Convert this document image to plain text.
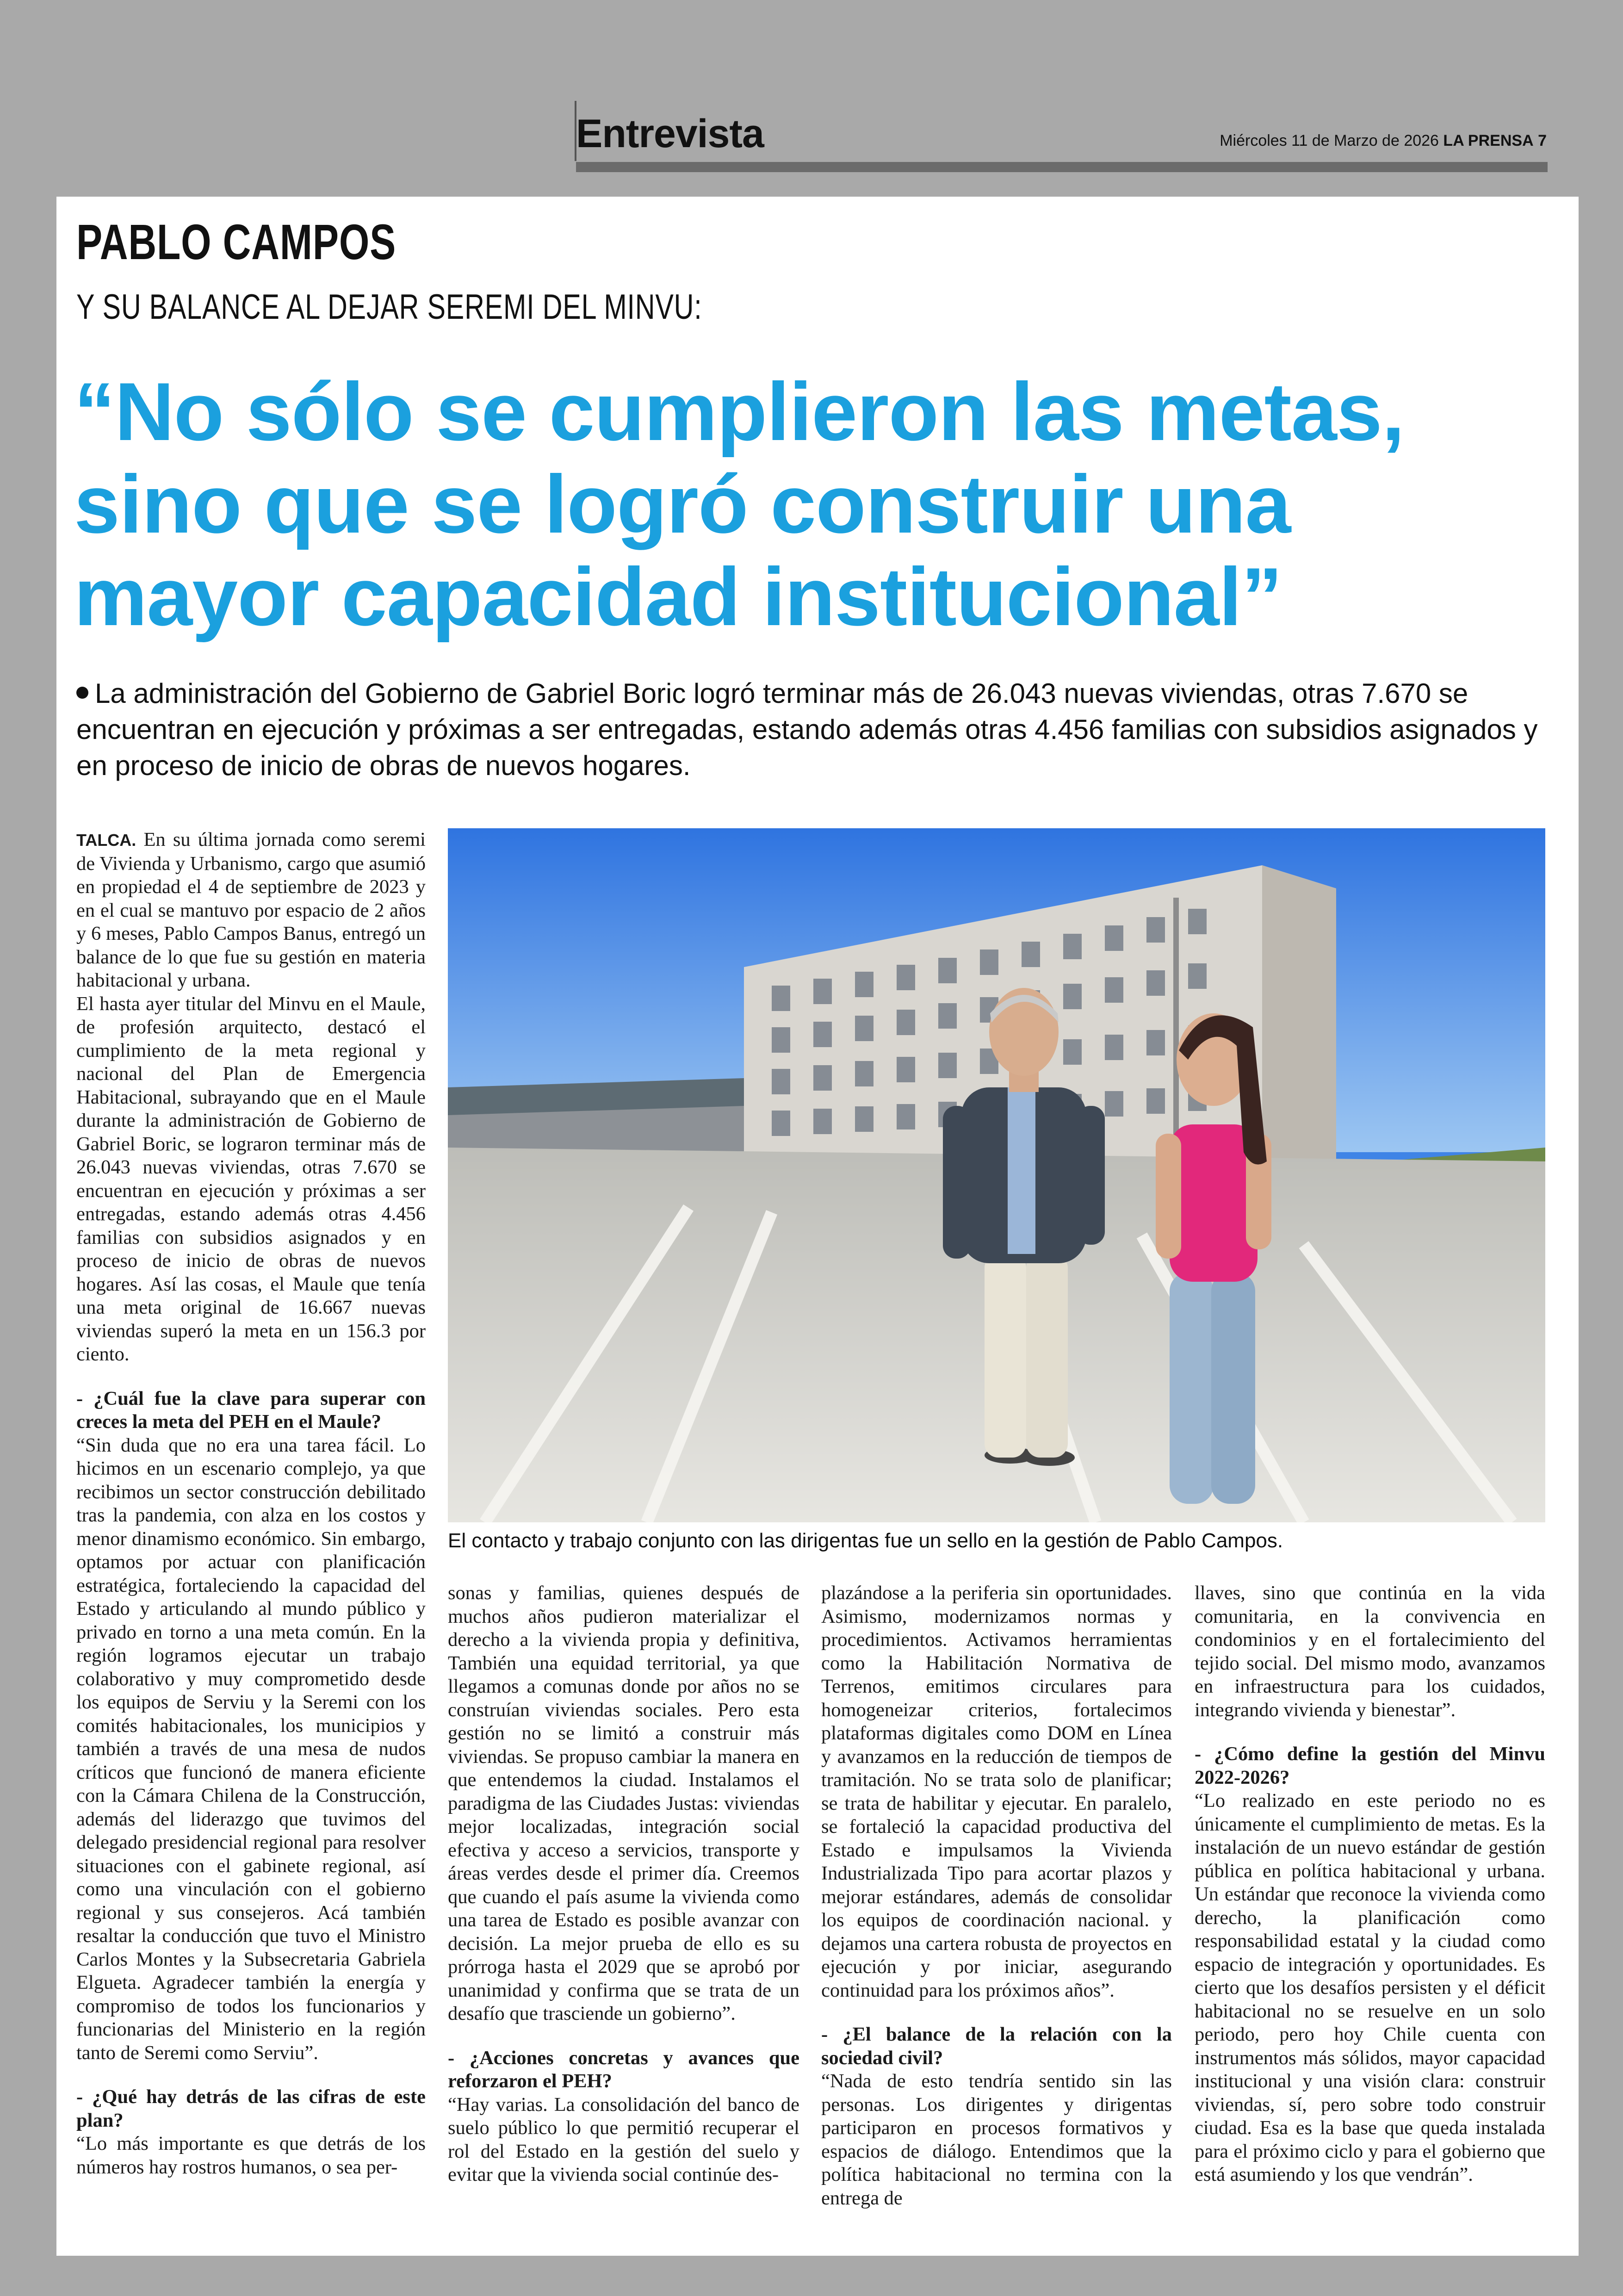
Entrevista	Miércoles 11 de Marzo de 2026 LA PRENSA 7
PABLO CAMPOS
Y SU BALANCE AL DEJAR SEREMI DEL MINVU:
“No sólo se cumplieron las metas,
sino que se logró construir una
mayor capacidad institucional”
La administración del Gobierno de Gabriel Boric logró terminar más de 26.043 nuevas viviendas, otras 7.670 se encuentran en ejecución y próximas a ser entregadas, estando además otras 4.456 familias con subsidios asignados y en proceso de inicio de obras de nuevos hogares.

TALCA. En su última jornada como seremi de Vivienda y Urbanismo, cargo que asumió en propiedad el 4 de septiembre de 2023 y en el cual se mantuvo por espacio de 2 años y 6 meses, Pablo Campos Banus, entregó un balance de lo que fue su gestión en materia habitacional y urbana.

El hasta ayer titular del Minvu en el Maule, de profesión arquitecto, destacó el cumplimiento de la meta regional y nacional del Plan de Emergencia Habitacional, subrayando que en el Maule durante la administración de Gobierno de Gabriel Boric, se lograron terminar más de 26.043 nuevas viviendas, otras 7.670 se encuentran en ejecución y próximas a ser entregadas, estando además otras 4.456 familias con subsidios asignados y en proceso de inicio de obras de nuevos hogares. Así las cosas, el Maule que tenía una meta original de 16.667 nuevas viviendas superó la meta en un 156.3 por ciento.

- ¿Cuál fue la clave para superar con creces la meta del PEH en el Maule?

“Sin duda que no era una tarea fácil. Lo hicimos en un escenario complejo, ya que recibimos un sector construcción debilitado tras la pandemia, con alza en los costos y menor dinamismo económico. Sin embargo, optamos por actuar con planificación estratégica, fortaleciendo la capacidad del Estado y articulando al mundo público y privado en torno a una meta común. En la región logramos ejecutar un trabajo colaborativo y muy comprometido desde los equipos de Serviu y la Seremi con los comités habitacionales, los municipios y también a través de una mesa de nudos críticos que funcionó de manera eficiente con la Cámara Chilena de la Construcción, además del liderazgo que tuvimos del delegado presidencial regional para resolver situaciones con el gabinete regional, así como una vinculación con el gobierno regional y sus consejeros. Acá también resaltar la conducción que tuvo el Ministro Carlos Montes y la Subsecretaria Gabriela Elgueta. Agradecer también la energía y compromiso de todos los funcionarios y funcionarias del Ministerio en la región tanto de Seremi como Serviu”.

- ¿Qué hay detrás de las cifras de este plan?

“Lo más importante es que detrás de los números hay rostros humanos, o sea per-

El contacto y trabajo conjunto con las dirigentas fue un sello en la gestión de Pablo Campos.

sonas y familias, quienes después de muchos años pudieron materializar el derecho a la vivienda propia y definitiva, También una equidad territorial, ya que llegamos a comunas donde por años no se construían viviendas sociales. Pero esta gestión no se limitó a construir más viviendas. Se propuso cambiar la manera en que entendemos la ciudad. Instalamos el paradigma de las Ciudades Justas: viviendas mejor localizadas, integración social efectiva y acceso a servicios, transporte y áreas verdes desde el primer día. Creemos que cuando el país asume la vivienda como una tarea de Estado es posible avanzar con decisión. La mejor prueba de ello es su prórroga hasta el 2029 que se aprobó por unanimidad y confirma que se trata de un desafío que trasciende un gobierno”.

- ¿Acciones concretas y avances que reforzaron el PEH?

“Hay varias. La consolidación del banco de suelo público lo que permitió recuperar el rol del Estado en la gestión del suelo y evitar que la vivienda social continúe des-

plazándose a la periferia sin oportunidades. Asimismo, modernizamos normas y procedimientos. Activamos herramientas como la Habilitación Normativa de Terrenos, emitimos circulares para homogeneizar criterios, fortalecimos plataformas digitales como DOM en Línea y avanzamos en la reducción de tiempos de tramitación. No se trata solo de planificar; se trata de habilitar y ejecutar. En paralelo, se fortaleció la capacidad productiva del Estado e impulsamos la Vivienda Industrializada Tipo para acortar plazos y mejorar estándares, además de consolidar los equipos de coordinación nacional. y dejamos una cartera robusta de proyectos en ejecución y por iniciar, asegurando continuidad para los próximos años”.

- ¿El balance de la relación con la sociedad civil?

“Nada de esto tendría sentido sin las personas. Los dirigentes y dirigentas participaron en procesos formativos y espacios de diálogo. Entendimos que la política habitacional no termina con la entrega de

llaves, sino que continúa en la vida comunitaria, en la convivencia en condominios y en el fortalecimiento del tejido social. Del mismo modo, avanzamos en infraestructura para los cuidados, integrando vivienda y bienestar”.

- ¿Cómo define la gestión del Minvu 2022-2026?

“Lo realizado en este periodo no es únicamente el cumplimiento de metas. Es la instalación de un nuevo estándar de gestión pública en política habitacional y urbana. Un estándar que reconoce la vivienda como derecho, la planificación como responsabilidad estatal y la ciudad como espacio de integración y oportunidades. Es cierto que los desafíos persisten y el déficit habitacional no se resuelve en un solo periodo, pero hoy Chile cuenta con instrumentos más sólidos, mayor capacidad institucional y una visión clara: construir viviendas, sí, pero sobre todo construir ciudad. Esa es la base que queda instalada para el próximo ciclo y para el gobierno que está asumiendo y los que vendrán”.
